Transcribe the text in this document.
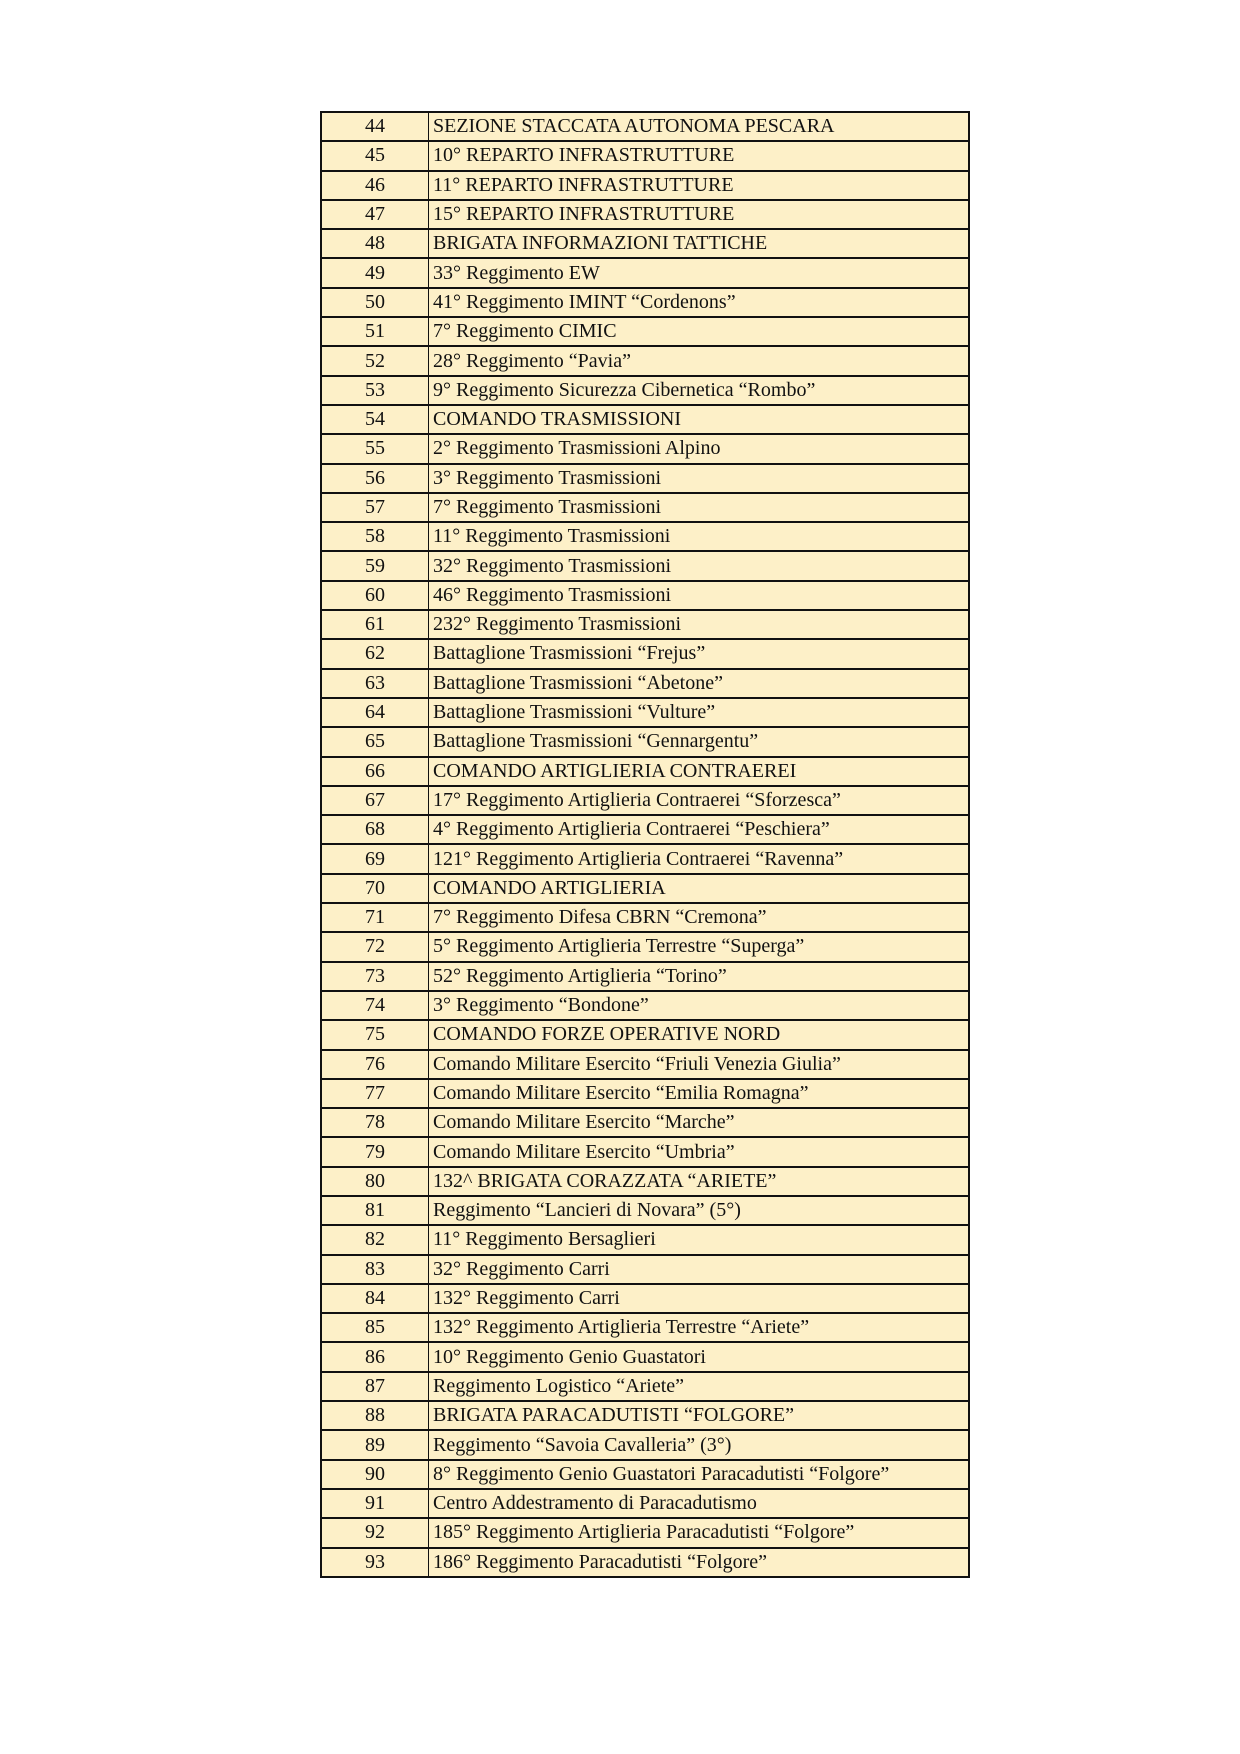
44	SEZIONE STACCATA AUTONOMA PESCARA
45	10° REPARTO INFRASTRUTTURE
46	11° REPARTO INFRASTRUTTURE
47	15° REPARTO INFRASTRUTTURE
48	BRIGATA INFORMAZIONI TATTICHE
49	33° Reggimento EW
50	41° Reggimento IMINT “Cordenons”
51	7° Reggimento CIMIC
52	28° Reggimento “Pavia”
53	9° Reggimento Sicurezza Cibernetica “Rombo”
54	COMANDO TRASMISSIONI
55	2° Reggimento Trasmissioni Alpino
56	3° Reggimento Trasmissioni
57	7° Reggimento Trasmissioni
58	11° Reggimento Trasmissioni
59	32° Reggimento Trasmissioni
60	46° Reggimento Trasmissioni
61	232° Reggimento Trasmissioni
62	Battaglione Trasmissioni “Frejus”
63	Battaglione Trasmissioni “Abetone”
64	Battaglione Trasmissioni “Vulture”
65	Battaglione Trasmissioni “Gennargentu”
66	COMANDO ARTIGLIERIA CONTRAEREI
67	17° Reggimento Artiglieria Contraerei “Sforzesca”
68	4° Reggimento Artiglieria Contraerei “Peschiera”
69	121° Reggimento Artiglieria Contraerei “Ravenna”
70	COMANDO ARTIGLIERIA
71	7° Reggimento Difesa CBRN “Cremona”
72	5° Reggimento Artiglieria Terrestre “Superga”
73	52° Reggimento Artiglieria “Torino”
74	3° Reggimento “Bondone”
75	COMANDO FORZE OPERATIVE NORD
76	Comando Militare Esercito “Friuli Venezia Giulia”
77	Comando Militare Esercito “Emilia Romagna”
78	Comando Militare Esercito “Marche”
79	Comando Militare Esercito “Umbria”
80	132^ BRIGATA CORAZZATA “ARIETE”
81	Reggimento “Lancieri di Novara” (5°)
82	11° Reggimento Bersaglieri
83	32° Reggimento Carri
84	132° Reggimento Carri
85	132° Reggimento Artiglieria Terrestre “Ariete”
86	10° Reggimento Genio Guastatori
87	Reggimento Logistico “Ariete”
88	BRIGATA PARACADUTISTI “FOLGORE”
89	Reggimento “Savoia Cavalleria” (3°)
90	8° Reggimento Genio Guastatori Paracadutisti “Folgore”
91	Centro Addestramento di Paracadutismo
92	185° Reggimento Artiglieria Paracadutisti “Folgore”
93	186° Reggimento Paracadutisti “Folgore”
